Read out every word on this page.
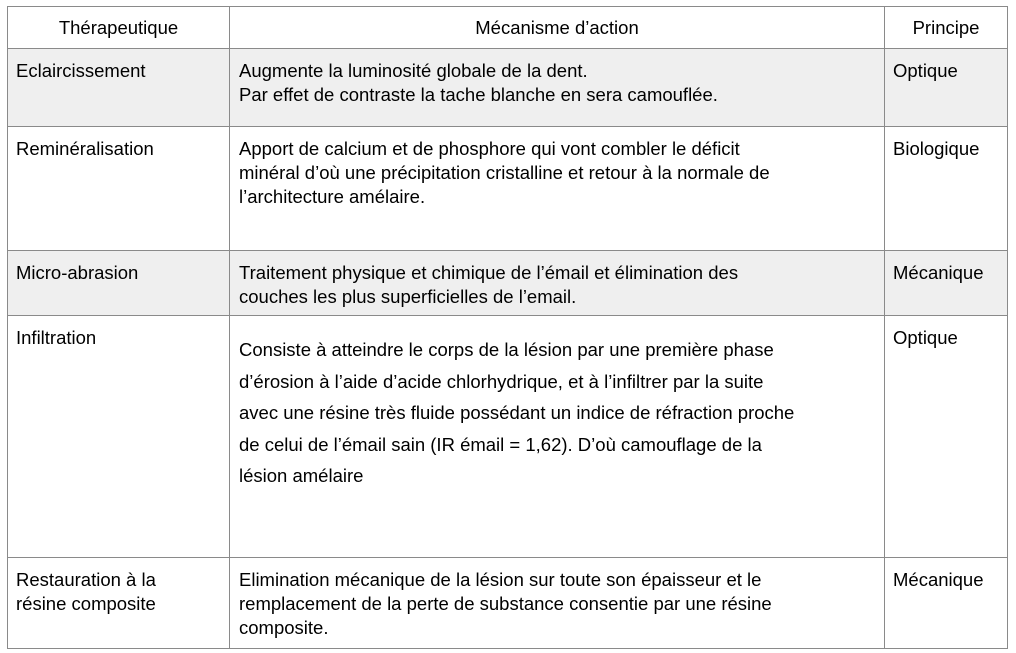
Thérapeutique	Mécanisme d’action	Principe

Eclaircissement	Augmente la luminosité globale de la dent.
Par effet de contraste la tache blanche en sera camouflée.	Optique

Reminéralisation	Apport de calcium et de phosphore qui vont combler le déficit
minéral d’où une précipitation cristalline et retour à la normale de
l’architecture amélaire.	Biologique

Micro-abrasion	Traitement physique et chimique de l’émail et élimination des
couches les plus superficielles de l’email.	Mécanique

Infiltration	Consiste à atteindre le corps de la lésion par une première phase
d’érosion à l’aide d’acide chlorhydrique, et à l’infiltrer par la suite
avec une résine très fluide possédant un indice de réfraction proche
de celui de l’émail sain (IR émail = 1,62). D’où camouflage de la
lésion amélaire	Optique

Restauration à la
résine composite	Elimination mécanique de la lésion sur toute son épaisseur et le
remplacement de la perte de substance consentie par une résine
composite.	Mécanique
